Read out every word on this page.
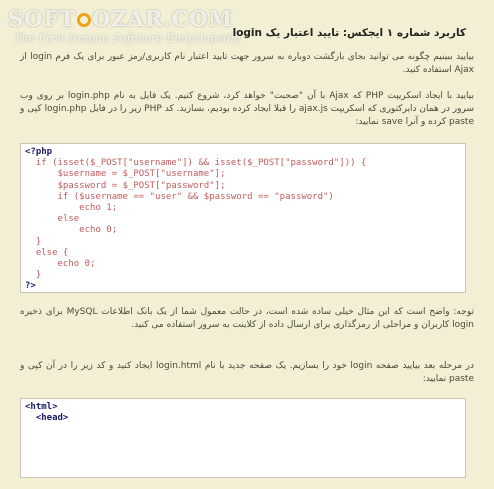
SOFT OZAR.COM
The First Iranian Software Encyclopedia
کاربرد شماره ۱ ایجکس: تایید اعتبار یک login
بیایید ببینیم چگونه می توانید بجای بازگشت دوباره به سرور جهت تایید اعتبار نام کاربری/رمز عبور برای یک فرم login از Ajax استفاده کنید.
بیایید با ایجاد اسکریپت PHP که Ajax با آن "صحبت" خواهد کرد، شروع کنیم. یک فایل به نام login.php بر روی وب سرور در همان دایرکتوری که اسکریپت ajax.js را قبلا ایجاد کرده بودیم، بسازید. کد PHP زیر را در فایل login.php کپی و paste کرده و آنرا save نمایید:
<?php
if (isset($_POST["username"]) && isset($_POST["password"])) {
$username = $_POST["username"];
$password = $_POST["password"];
if ($username == "user" && $password == "password")
echo 1;
else
echo 0;
}
else {
echo 0;
}
?>
توجه: واضح است که این مثال خیلی ساده شده است، در حالت معمول شما از یک بانک اطلاعات MySQL برای ذخیره login کاربران و مراحلی از رمزگذاری برای ارسال داده از کلاینت به سرور استفاده می کنید.
در مرحله بعد بیایید صفحه login خود را بسازیم. یک صفحه جدید با نام login.html ایجاد کنید و کد زیر را در آن کپی و paste نمایید:
<html>
<head>
